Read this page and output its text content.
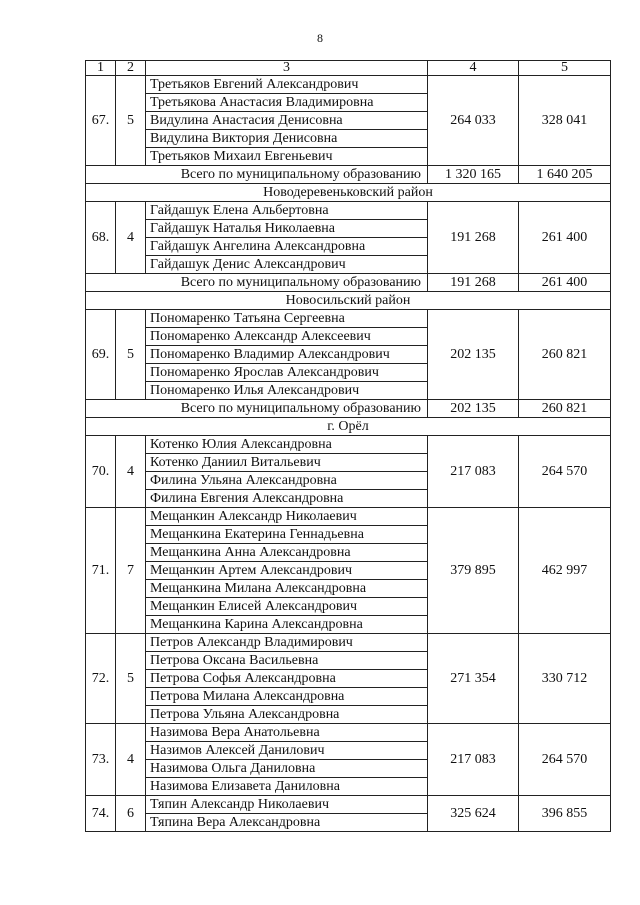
8
1	2	3	4	5
67.	5	Третьяков Евгений Александрович	264 033	328 041
		Третьякова Анастасия Владимировна		
		Видулина Анастасия Денисовна		
		Видулина Виктория Денисовна		
		Третьяков Михаил Евгеньевич		
Всего по муниципальному образованию			1 320 165	1 640 205
Новодеревеньковский район				
68.	4	Гайдашук Елена Альбертовна	191 268	261 400
		Гайдашук Наталья Николаевна		
		Гайдашук Ангелина Александровна		
		Гайдашук Денис Александрович		
Всего по муниципальному образованию			191 268	261 400
Новосильский район				
69.	5	Пономаренко Татьяна Сергеевна	202 135	260 821
		Пономаренко Александр Алексеевич		
		Пономаренко Владимир Александрович		
		Пономаренко Ярослав Александрович		
		Пономаренко Илья Александрович		
Всего по муниципальному образованию			202 135	260 821
г. Орёл				
70.	4	Котенко Юлия Александровна	217 083	264 570
		Котенко Даниил Витальевич		
		Филина Ульяна Александровна		
		Филина Евгения Александровна		
71.	7	Мещанкин Александр Николаевич	379 895	462 997
		Мещанкина Екатерина Геннадьевна		
		Мещанкина Анна Александровна		
		Мещанкин Артем Александрович		
		Мещанкина Милана Александровна		
		Мещанкин Елисей Александрович		
		Мещанкина Карина Александровна		
72.	5	Петров Александр Владимирович	271 354	330 712
		Петрова Оксана Васильевна		
		Петрова Софья Александровна		
		Петрова Милана Александровна		
		Петрова Ульяна Александровна		
73.	4	Назимова Вера Анатольевна	217 083	264 570
		Назимов Алексей Данилович		
		Назимова Ольга Даниловна		
		Назимова Елизавета Даниловна		
74.	6	Тяпин Александр Николаевич	325 624	396 855
		Тяпина Вера Александровна		
